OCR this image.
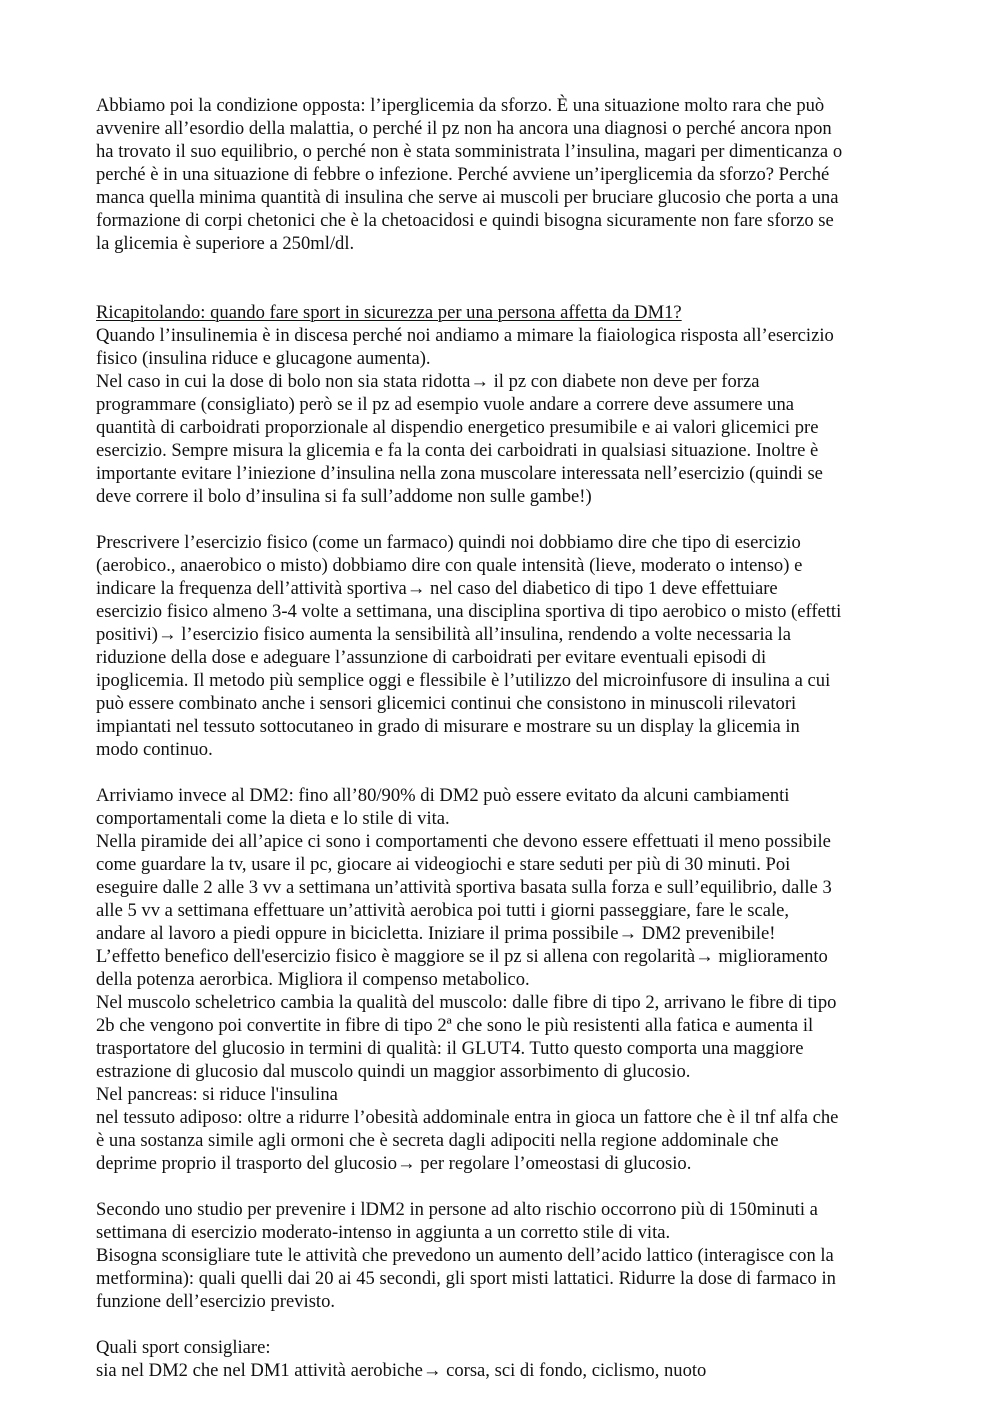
Abbiamo poi la condizione opposta: l’iperglicemia da sforzo. È una situazione molto rara che può
avvenire all’esordio della malattia, o perché il pz non ha ancora una diagnosi o perché ancora npon
ha trovato il suo equilibrio, o perché non è stata somministrata l’insulina, magari per dimenticanza o
perché è in una situazione di febbre o infezione. Perché avviene un’iperglicemia da sforzo? Perché
manca quella minima quantità di insulina che serve ai muscoli per bruciare glucosio che porta a una
formazione di corpi chetonici che è la chetoacidosi e quindi bisogna sicuramente non fare sforzo se
la glicemia è superiore a 250ml/dl.
Ricapitolando: quando fare sport in sicurezza per una persona affetta da DM1?
Quando l’insulinemia è in discesa perché noi andiamo a mimare la fiaiologica risposta all’esercizio
fisico (insulina riduce e glucagone aumenta).
Nel caso in cui la dose di bolo non sia stata ridotta→ il pz con diabete non deve per forza
programmare (consigliato) però se il pz ad esempio vuole andare a correre deve assumere una
quantità di carboidrati proporzionale al dispendio energetico presumibile e ai valori glicemici pre
esercizio. Sempre misura la glicemia e fa la conta dei carboidrati in qualsiasi situazione. Inoltre è
importante evitare l’iniezione d’insulina nella zona muscolare interessata nell’esercizio (quindi se
deve correre il bolo d’insulina si fa sull’addome non sulle gambe!)
Prescrivere l’esercizio fisico (come un farmaco) quindi noi dobbiamo dire che tipo di esercizio
(aerobico., anaerobico o misto) dobbiamo dire con quale intensità (lieve, moderato o intenso) e
indicare la frequenza dell’attività sportiva→ nel caso del diabetico di tipo 1 deve effettuiare
esercizio fisico almeno 3-4 volte a settimana, una disciplina sportiva di tipo aerobico o misto (effetti
positivi)→ l’esercizio fisico aumenta la sensibilità all’insulina, rendendo a volte necessaria la
riduzione della dose e adeguare l’assunzione di carboidrati per evitare eventuali episodi di
ipoglicemia. Il metodo più semplice oggi e flessibile è l’utilizzo del microinfusore di insulina a cui
può essere combinato anche i sensori glicemici continui che consistono in minuscoli rilevatori
impiantati nel tessuto sottocutaneo in grado di misurare e mostrare su un display la glicemia in
modo continuo.
Arriviamo invece al DM2: fino all’80/90% di DM2 può essere evitato da alcuni cambiamenti
comportamentali come la dieta e lo stile di vita.
Nella piramide dei all’apice ci sono i comportamenti che devono essere effettuati il meno possibile
come guardare la tv, usare il pc, giocare ai videogiochi e stare seduti per più di 30 minuti. Poi
eseguire dalle 2 alle 3 vv a settimana un’attività sportiva basata sulla forza e sull’equilibrio, dalle 3
alle 5 vv a settimana effettuare un’attività aerobica poi tutti i giorni passeggiare, fare le scale,
andare al lavoro a piedi oppure in bicicletta. Iniziare il prima possibile→ DM2 prevenibile!
L’effetto benefico dell'esercizio fisico è maggiore se il pz si allena con regolarità→ miglioramento
della potenza aerorbica. Migliora il compenso metabolico.
Nel muscolo scheletrico cambia la qualità del muscolo: dalle fibre di tipo 2, arrivano le fibre di tipo
2b che vengono poi convertite in fibre di tipo 2ª che sono le più resistenti alla fatica e aumenta il
trasportatore del glucosio in termini di qualità: il GLUT4. Tutto questo comporta una maggiore
estrazione di glucosio dal muscolo quindi un maggior assorbimento di glucosio.
Nel pancreas: si riduce l'insulina
nel tessuto adiposo: oltre a ridurre l’obesità addominale entra in gioca un fattore che è il tnf alfa che
è una sostanza simile agli ormoni che è secreta dagli adipociti nella regione addominale che
deprime proprio il trasporto del glucosio→ per regolare l’omeostasi di glucosio.
Secondo uno studio per prevenire i lDM2 in persone ad alto rischio occorrono più di 150minuti a
settimana di esercizio moderato-intenso in aggiunta a un corretto stile di vita.
Bisogna sconsigliare tute le attività che prevedono un aumento dell’acido lattico (interagisce con la
metformina): quali quelli dai 20 ai 45 secondi, gli sport misti lattatici. Ridurre la dose di farmaco in
funzione dell’esercizio previsto.
Quali sport consigliare:
sia nel DM2 che nel DM1 attività aerobiche→ corsa, sci di fondo, ciclismo, nuoto
